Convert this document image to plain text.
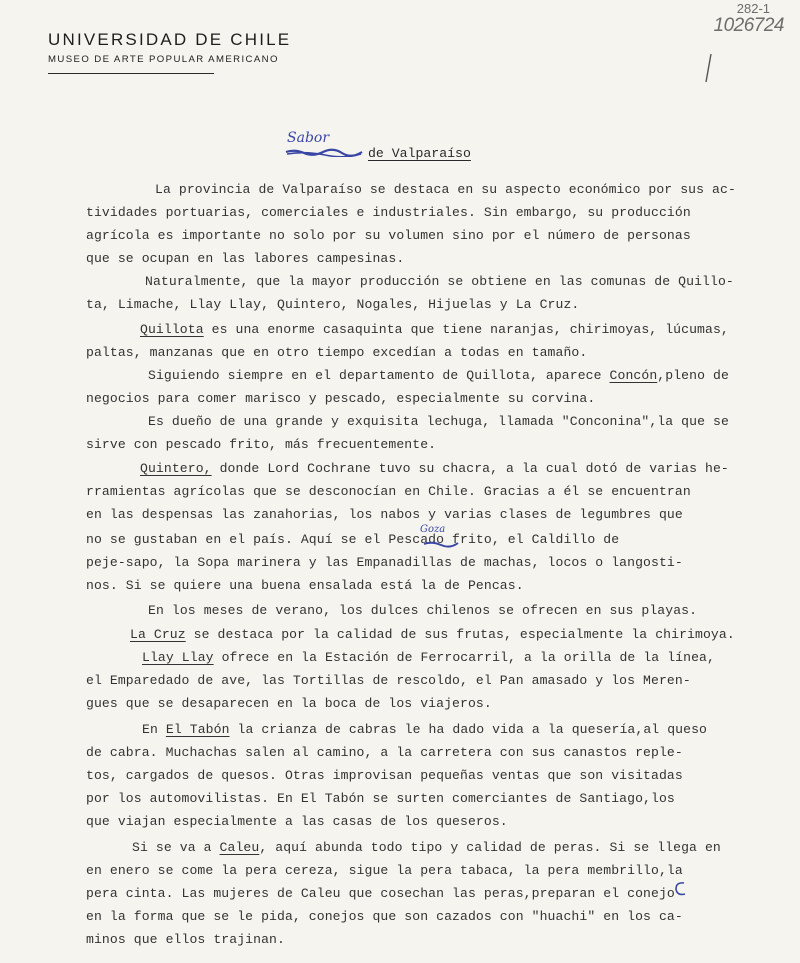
UNIVERSIDAD DE CHILE
MUSEO DE ARTE POPULAR AMERICANO
282-1
1026724
Sabor
de Valparaíso
La provincia de Valparaíso se destaca en su aspecto económico por sus ac-
tividades portuarias, comerciales e industriales. Sin embargo, su producción
agrícola es importante no solo por su volumen sino por el número de personas
que se ocupan en las labores campesinas.
Naturalmente, que la mayor producción se obtiene en las comunas de Quillo-
ta, Limache, Llay Llay, Quintero, Nogales, Hijuelas y La Cruz.
Quillota es una enorme casaquinta que tiene naranjas, chirimoyas, lúcumas,
paltas, manzanas que en otro tiempo excedían a todas en tamaño.
Siguiendo siempre en el departamento de Quillota, aparece Concón,pleno de
negocios para comer marisco y pescado, especialmente su corvina.
Es dueño de una grande y exquisita lechuga, llamada "Conconina",la que se
sirve con pescado frito, más frecuentemente.
Quintero, donde Lord Cochrane tuvo su chacra, a la cual dotó de varias he-
rramientas agrícolas que se desconocían en Chile. Gracias a él se encuentran
en las despensas las zanahorias, los nabos y varias clases de legumbres que
no se gustaban en el país. Aquí se el Pescado frito, el Caldillo de
peje-sapo, la Sopa marinera y las Empanadillas de machas, locos o langosti-
nos. Si se quiere una buena ensalada está la de Pencas.
En los meses de verano, los dulces chilenos se ofrecen en sus playas.
La Cruz se destaca por la calidad de sus frutas, especialmente la chirimoya.
Llay Llay ofrece en la Estación de Ferrocarril, a la orilla de la línea,
el Emparedado de ave, las Tortillas de rescoldo, el Pan amasado y los Meren-
gues que se desaparecen en la boca de los viajeros.
En El Tabón la crianza de cabras le ha dado vida a la quesería,al queso
de cabra. Muchachas salen al camino, a la carretera con sus canastos reple-
tos, cargados de quesos. Otras improvisan pequeñas ventas que son visitadas
por los automovilistas. En El Tabón se surten comerciantes de Santiago,los
que viajan especialmente a las casas de los queseros.
Si se va a Caleu, aquí abunda todo tipo y calidad de peras. Si se llega en
en enero se come la pera cereza, sigue la pera tabaca, la pera membrillo,la
pera cinta. Las mujeres de Caleu que cosechan las peras,preparan el conejo
en la forma que se le pida, conejos que son cazados con "huachi" en los ca-
minos que ellos trajinan.
Goza
